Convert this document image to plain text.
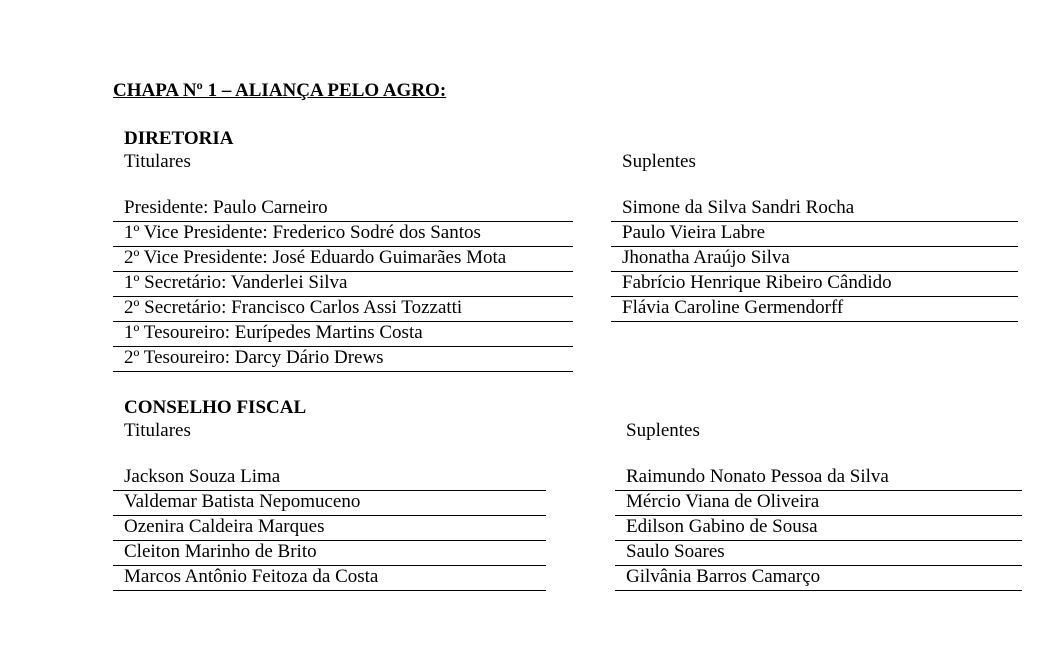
CHAPA Nº 1 – ALIANÇA PELO AGRO:
DIRETORIA
Titulares	Suplentes
Presidente: Paulo Carneiro
1º Vice Presidente: Frederico Sodré dos Santos
2º Vice Presidente: José Eduardo Guimarães Mota
1º Secretário: Vanderlei Silva
2º Secretário: Francisco Carlos Assi Tozzatti
1º Tesoureiro: Eurípedes Martins Costa
2º Tesoureiro: Darcy Dário Drews
Simone da Silva Sandri Rocha
Paulo Vieira Labre
Jhonatha Araújo Silva
Fabrício Henrique Ribeiro Cândido
Flávia Caroline Germendorff
CONSELHO FISCAL
Titulares	Suplentes
Jackson Souza Lima
Valdemar Batista Nepomuceno
Ozenira Caldeira Marques
Cleiton Marinho de Brito
Marcos Antônio Feitoza da Costa
Raimundo Nonato Pessoa da Silva
Mércio Viana de Oliveira
Edilson Gabino de Sousa
Saulo Soares
Gilvânia Barros Camarço
